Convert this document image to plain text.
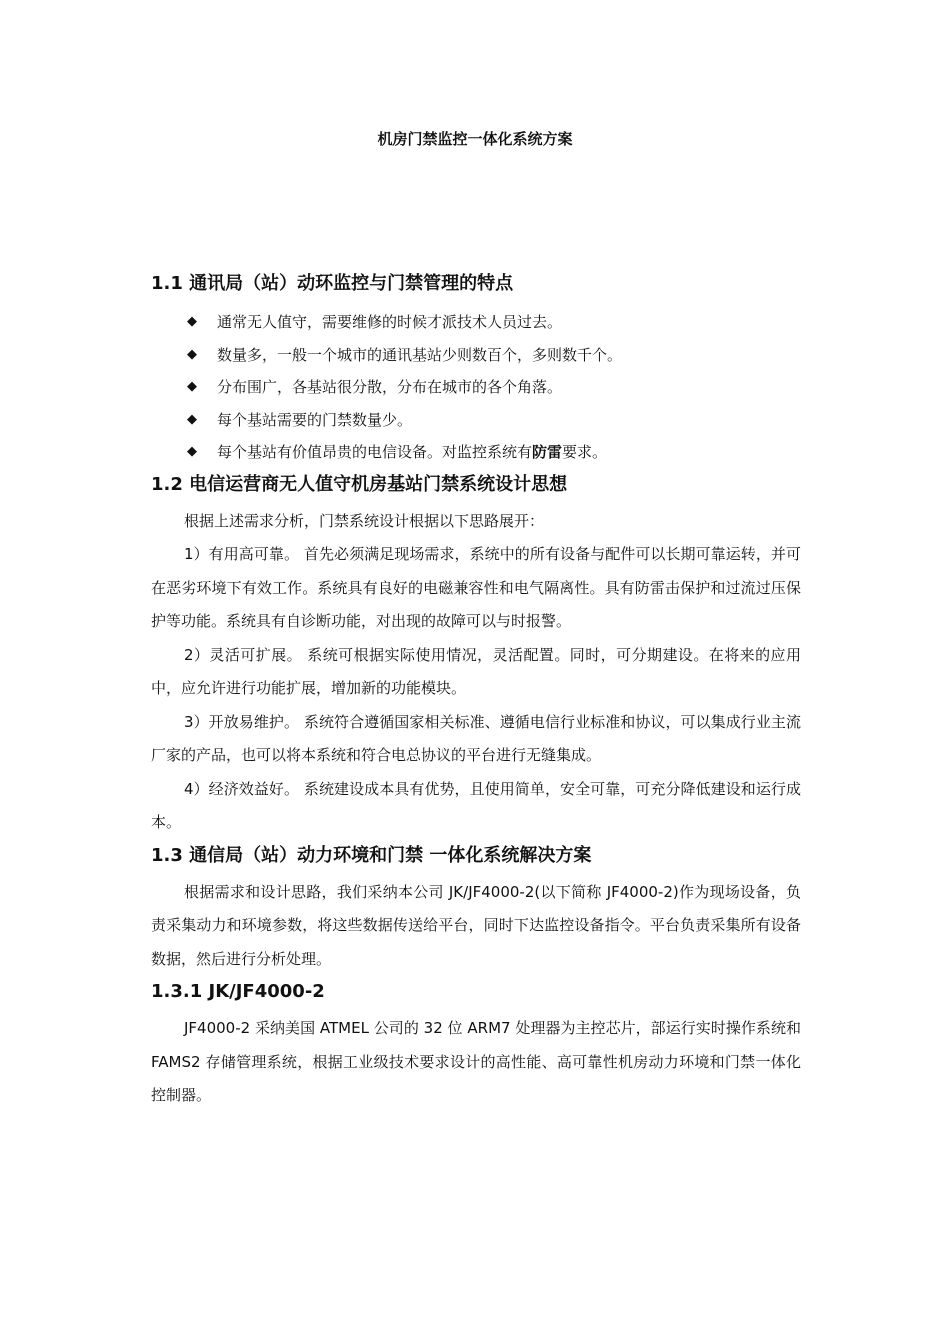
机房门禁监控一体化系统方案
1.1 通讯局（站）动环监控与门禁管理的特点
◆ 通常无人值守，需要维修的时候才派技术人员过去。
◆ 数量多，一般一个城市的通讯基站少则数百个，多则数千个。
◆ 分布围广，各基站很分散，分布在城市的各个角落。
◆ 每个基站需要的门禁数量少。
◆ 每个基站有价值昂贵的电信设备。对监控系统有防雷要求。
1.2 电信运营商无人值守机房基站门禁系统设计思想

根据上述需求分析，门禁系统设计根据以下思路展开：

1）有用高可靠。 首先必须满足现场需求，系统中的所有设备与配件可以长期可靠运转，并可在恶劣环境下有效工作。系统具有良好的电磁兼容性和电气隔离性。具有防雷击保护和过流过压保护等功能。系统具有自诊断功能，对出现的故障可以与时报警。

2）灵活可扩展。 系统可根据实际使用情况，灵活配置。同时，可分期建设。在将来的应用中，应允许进行功能扩展，增加新的功能模块。

3）开放易维护。 系统符合遵循国家相关标准、遵循电信行业标准和协议，可以集成行业主流厂家的产品，也可以将本系统和符合电总协议的平台进行无缝集成。

4）经济效益好。 系统建设成本具有优势，且使用简单，安全可靠，可充分降低建设和运行成本。

1.3 通信局（站）动力环境和门禁 一体化系统解决方案

根据需求和设计思路，我们采纳本公司 JK/JF4000-2(以下简称 JF4000-2)作为现场设备，负责采集动力和环境参数，将这些数据传送给平台，同时下达监控设备指令。平台负责采集所有设备数据，然后进行分析处理。

1.3.1 JK/JF4000-2

JF4000-2 采纳美国 ATMEL 公司的 32 位 ARM7 处理器为主控芯片，部运行实时操作系统和 FAMS2 存储管理系统，根据工业级技术要求设计的高性能、高可靠性机房动力环境和门禁一体化控制器。
